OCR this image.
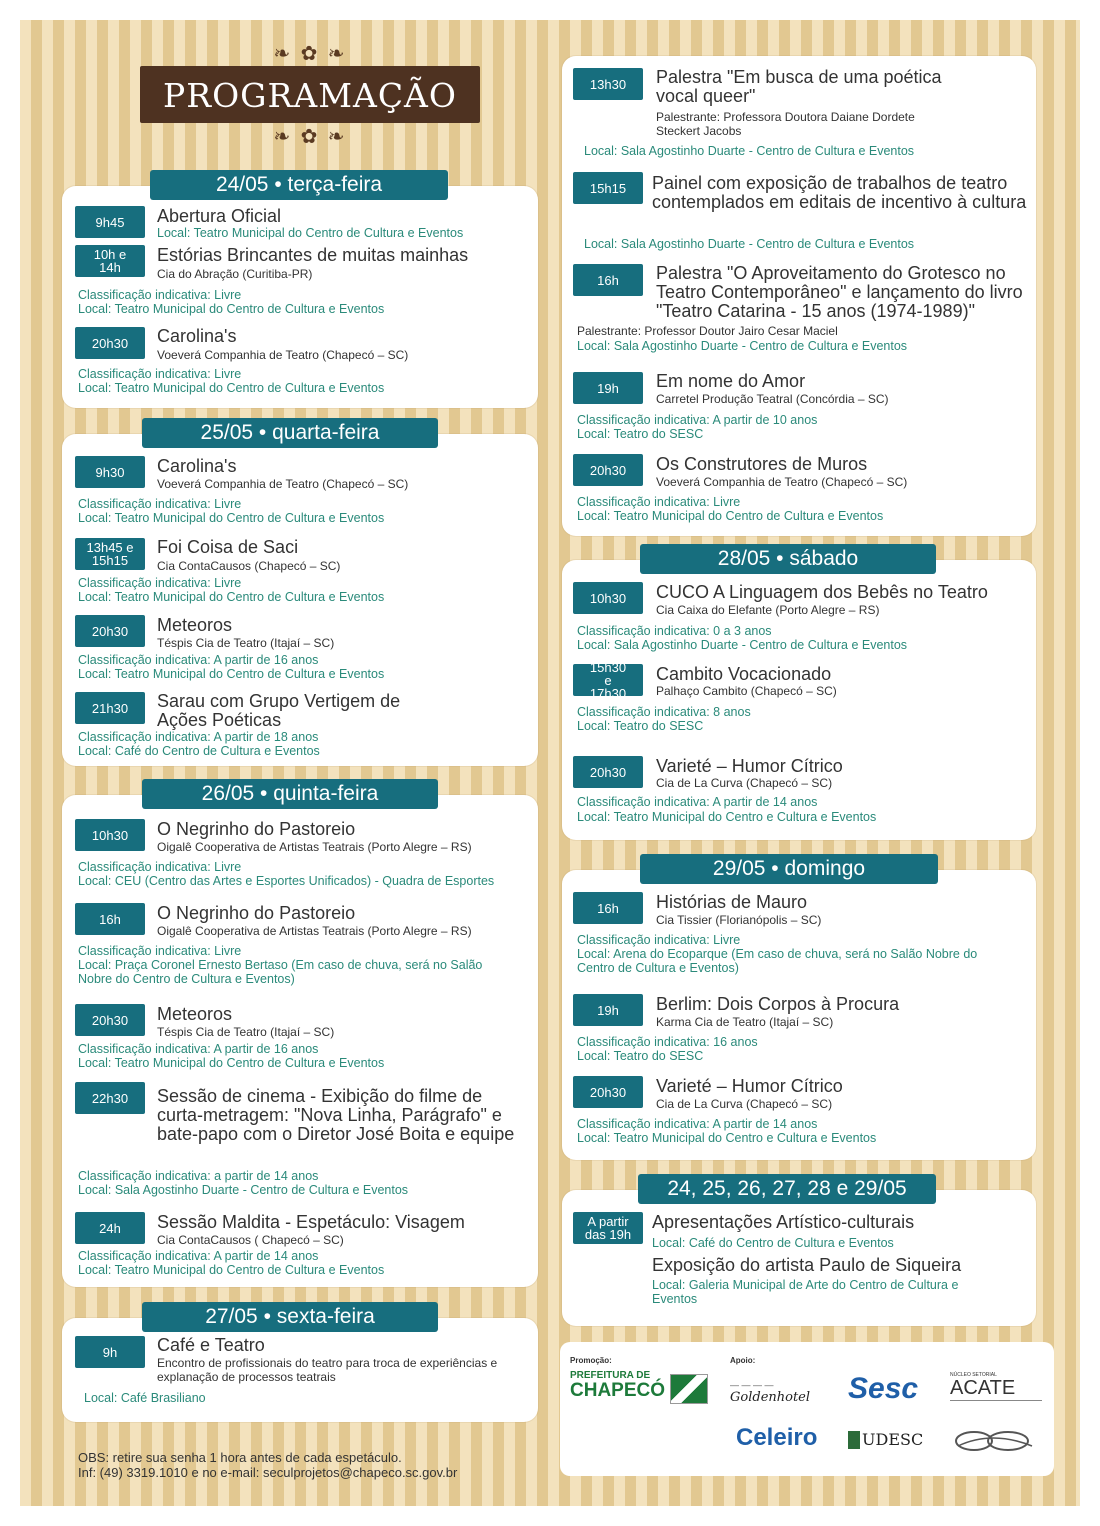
❧ ✿ ❧
PROGRAMAÇÃO
❧ ✿ ❧
24/05 • terça-feira
9h45	Abertura Oficial
Local: Teatro Municipal do Centro de Cultura e Eventos
10h e 14h
Estórias Brincantes de muitas mainhas
Cia do Abração (Curitiba-PR)
Classificação indicativa: Livre
Local: Teatro Municipal do Centro de Cultura e Eventos
20h30	Carolina's
Voeverá Companhia de Teatro (Chapecó – SC)
Classificação indicativa: Livre
Local: Teatro Municipal do Centro de Cultura e Eventos
25/05 • quarta-feira
9h30	Carolina's
Voeverá Companhia de Teatro (Chapecó – SC)
Classificação indicativa: Livre
Local: Teatro Municipal do Centro de Cultura e Eventos
13h45 e 15h15
Foi Coisa de Saci
Cia ContaCausos (Chapecó – SC)
Classificação indicativa: Livre
Local: Teatro Municipal do Centro de Cultura e Eventos
20h30	Meteoros
Téspis Cia de Teatro (Itajaí – SC)
Classificação indicativa: A partir de 16 anos
Local: Teatro Municipal do Centro de Cultura e Eventos
21h30	Sarau com Grupo Vertigem de Ações Poéticas
Classificação indicativa: A partir de 18 anos
Local: Café do Centro de Cultura e Eventos
26/05 • quinta-feira
10h30	O Negrinho do Pastoreio
Oigalê Cooperativa de Artistas Teatrais (Porto Alegre – RS)
Classificação indicativa: Livre
Local: CEU (Centro das Artes e Esportes Unificados) - Quadra de Esportes
16h	O Negrinho do Pastoreio
Oigalê Cooperativa de Artistas Teatrais (Porto Alegre – RS)
Classificação indicativa: Livre
Local: Praça Coronel Ernesto Bertaso (Em caso de chuva, será no Salão Nobre do Centro de Cultura e Eventos)
20h30	Meteoros
Téspis Cia de Teatro (Itajaí – SC)
Classificação indicativa: A partir de 16 anos
Local: Teatro Municipal do Centro de Cultura e Eventos
22h30	Sessão de cinema - Exibição do filme de curta-metragem: "Nova Linha, Parágrafo" e bate-papo com o Diretor José Boita e equipe
Classificação indicativa: a partir de 14 anos
Local: Sala Agostinho Duarte - Centro de Cultura e Eventos
24h	Sessão Maldita - Espetáculo: Visagem
Cia ContaCausos ( Chapecó – SC)
Classificação indicativa: A partir de 14 anos
Local: Teatro Municipal do Centro de Cultura e Eventos
27/05 • sexta-feira
9h	Café e Teatro
Encontro de profissionais do teatro para troca de experiências e explanação de processos teatrais
Local: Café Brasiliano
OBS: retire sua senha 1 hora antes de cada espetáculo.
Inf: (49) 3319.1010 e no e-mail: seculprojetos@chapeco.sc.gov.br
13h30	Palestra "Em busca de uma poética vocal queer"
Palestrante: Professora Doutora Daiane Dordete Steckert Jacobs
Local: Sala Agostinho Duarte - Centro de Cultura e Eventos
15h15	Painel com exposição de trabalhos de teatro contemplados em editais de incentivo à cultura
Local: Sala Agostinho Duarte - Centro de Cultura e Eventos
16h	Palestra "O Aproveitamento do Grotesco no Teatro Contemporâneo" e lançamento do livro "Teatro Catarina - 15 anos (1974-1989)"
Palestrante: Professor Doutor Jairo Cesar Maciel
Local: Sala Agostinho Duarte - Centro de Cultura e Eventos
19h	Em nome do Amor
Carretel Produção Teatral (Concórdia – SC)
Classificação indicativa: A partir de 10 anos
Local: Teatro do SESC
20h30	Os Construtores de Muros
Voeverá Companhia de Teatro (Chapecó – SC)
Classificação indicativa: Livre
Local: Teatro Municipal do Centro de Cultura e Eventos
28/05 • sábado
10h30	CUCO A Linguagem dos Bebês no Teatro
Cia Caixa do Elefante (Porto Alegre – RS)
Classificação indicativa: 0 a 3 anos
Local: Sala Agostinho Duarte - Centro de Cultura e Eventos
15h30 e 17h30
Cambito Vocacionado
Palhaço Cambito (Chapecó – SC)
Classificação indicativa: 8 anos
Local: Teatro do SESC
20h30	Varieté – Humor Cítrico
Cia de La Curva (Chapecó – SC)
Classificação indicativa: A partir de 14 anos
Local: Teatro Municipal do Centro e Cultura e Eventos
29/05 • domingo
16h	Histórias de Mauro
Cia Tissier (Florianópolis – SC)
Classificação indicativa: Livre
Local: Arena do Ecoparque (Em caso de chuva, será no Salão Nobre do Centro de Cultura e Eventos)
19h	Berlim: Dois Corpos à Procura
Karma Cia de Teatro (Itajaí – SC)
Classificação indicativa: 16 anos
Local: Teatro do SESC
20h30	Varieté – Humor Cítrico
Cia de La Curva (Chapecó – SC)
Classificação indicativa: A partir de 14 anos
Local: Teatro Municipal do Centro e Cultura e Eventos
24, 25, 26, 27, 28 e 29/05
A partir das 19h
Apresentações Artístico-culturais
Local: Café do Centro de Cultura e Eventos
Exposição do artista Paulo de Siqueira
Local: Galeria Municipal de Arte do Centro de Cultura e Eventos
Promoção:	Apoio:
PREFEITURA DE
CHAPECÓ	— — — —
Goldenhotel	Sesc	NÚCLEO SETORIAL
ACATE
Celeiro	UDESC
